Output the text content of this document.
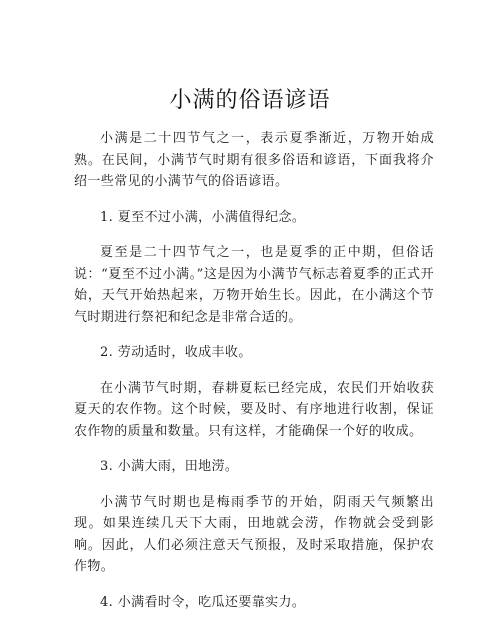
小满的俗语谚语

小满是二十四节气之一，表示夏季渐近，万物开始成熟。在民间，小满节气时期有很多俗语和谚语，下面我将介绍一些常见的小满节气的俗语谚语。

1. 夏至不过小满，小满值得纪念。

夏至是二十四节气之一，也是夏季的正中期，但俗话说：“夏至不过小满。”这是因为小满节气标志着夏季的正式开始，天气开始热起来，万物开始生长。因此，在小满这个节气时期进行祭祀和纪念是非常合适的。

2. 劳动适时，收成丰收。

在小满节气时期，春耕夏耘已经完成，农民们开始收获夏天的农作物。这个时候，要及时、有序地进行收割，保证农作物的质量和数量。只有这样，才能确保一个好的收成。

3. 小满大雨，田地涝。

小满节气时期也是梅雨季节的开始，阴雨天气频繁出现。如果连续几天下大雨，田地就会涝，作物就会受到影响。因此，人们必须注意天气预报，及时采取措施，保护农作物。

4. 小满看时令，吃瓜还要靠实力。
